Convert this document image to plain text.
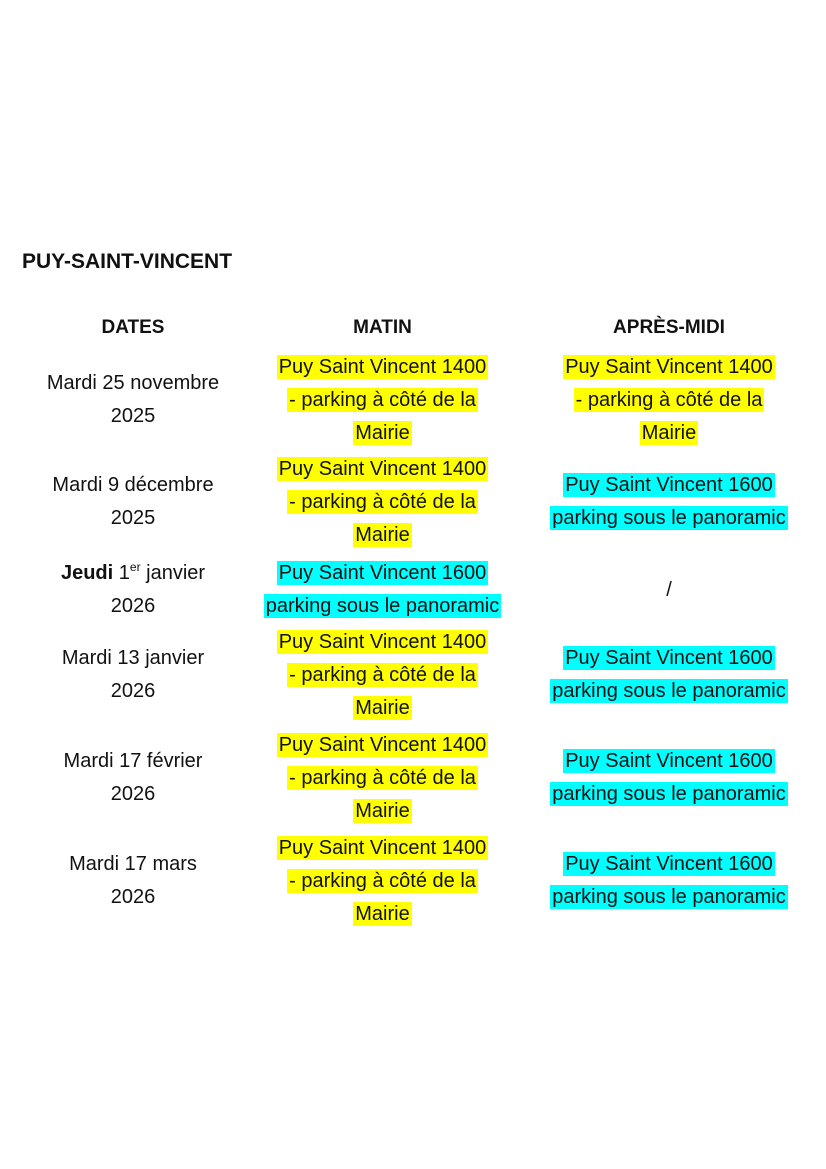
PUY-SAINT-VINCENT
DATES	MATIN	APRÈS-MIDI
Mardi 25 novembre
2025
Puy Saint Vincent 1400
- parking à côté de la
Mairie
Puy Saint Vincent 1400
- parking à côté de la
Mairie
Mardi 9 décembre
2025
Puy Saint Vincent 1400
- parking à côté de la
Mairie
Puy Saint Vincent 1600
parking sous le panoramic
Jeudi 1er janvier
2026
Puy Saint Vincent 1600
parking sous le panoramic
/
Mardi 13 janvier
2026
Puy Saint Vincent 1400
- parking à côté de la
Mairie
Puy Saint Vincent 1600
parking sous le panoramic
Mardi 17 février
2026
Puy Saint Vincent 1400
- parking à côté de la
Mairie
Puy Saint Vincent 1600
parking sous le panoramic
Mardi 17 mars
2026
Puy Saint Vincent 1400
- parking à côté de la
Mairie
Puy Saint Vincent 1600
parking sous le panoramic
